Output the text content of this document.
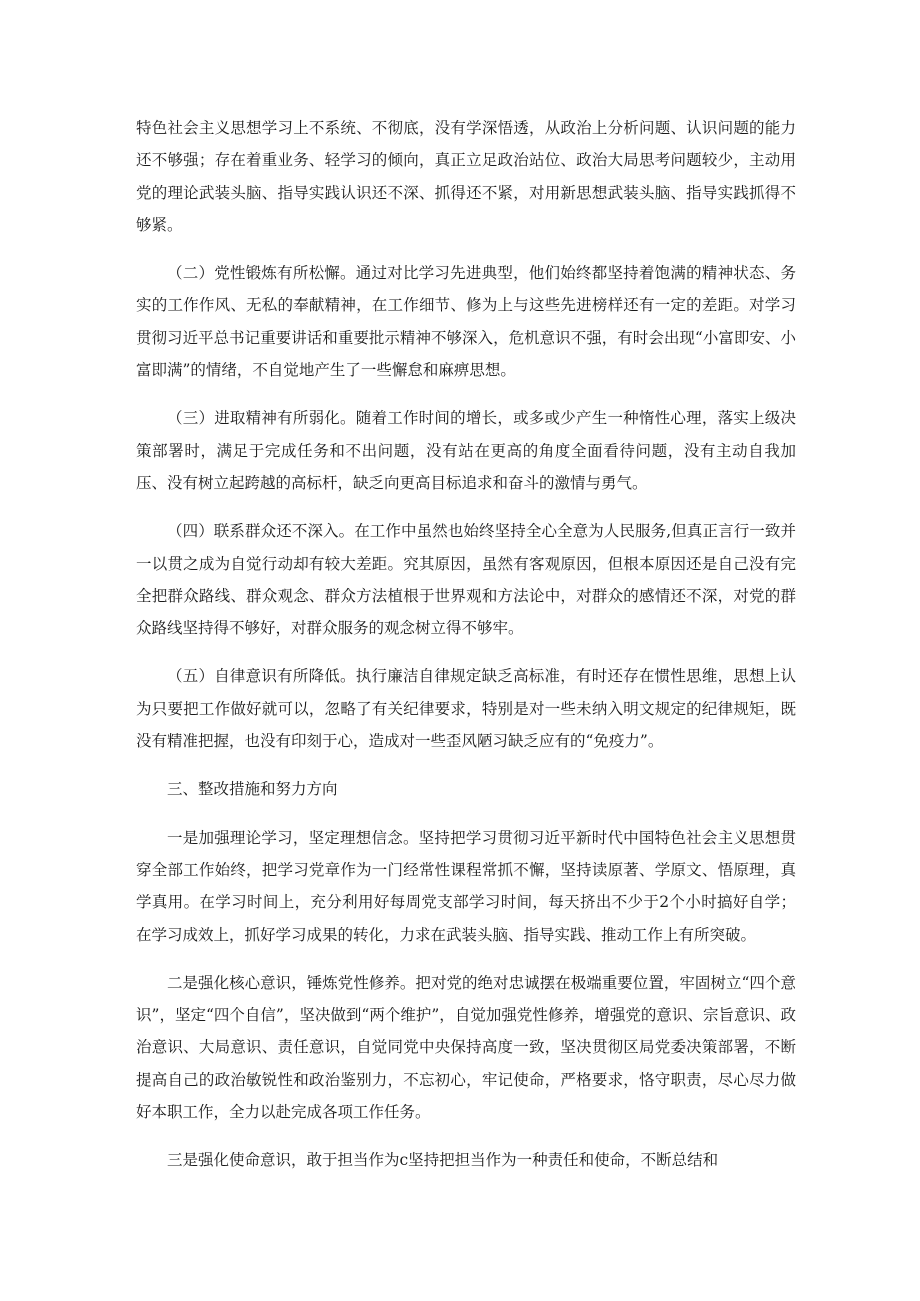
特色社会主义思想学习上不系统、不彻底，没有学深悟透，从政治上分析问题、认识问题的能力还不够强；存在着重业务、轻学习的倾向，真正立足政治站位、政治大局思考问题较少，主动用党的理论武装头脑、指导实践认识还不深、抓得还不紧，对用新思想武装头脑、指导实践抓得不够紧。

（二）党性锻炼有所松懈。通过对比学习先进典型，他们始终都坚持着饱满的精神状态、务实的工作作风、无私的奉献精神，在工作细节、修为上与这些先进榜样还有一定的差距。对学习贯彻习近平总书记重要讲话和重要批示精神不够深入，危机意识不强，有时会出现“小富即安、小富即满”的情绪，不自觉地产生了一些懈怠和麻痹思想。

（三）进取精神有所弱化。随着工作时间的增长，或多或少产生一种惰性心理，落实上级决策部署时，满足于完成任务和不出问题，没有站在更高的角度全面看待问题，没有主动自我加压、没有树立起跨越的高标杆，缺乏向更高目标追求和奋斗的激情与勇气。

（四）联系群众还不深入。在工作中虽然也始终坚持全心全意为人民服务,但真正言行一致并一以贯之成为自觉行动却有较大差距。究其原因，虽然有客观原因，但根本原因还是自己没有完全把群众路线、群众观念、群众方法植根于世界观和方法论中，对群众的感情还不深，对党的群众路线坚持得不够好，对群众服务的观念树立得不够牢。

（五）自律意识有所降低。执行廉洁自律规定缺乏高标准，有时还存在惯性思维，思想上认为只要把工作做好就可以，忽略了有关纪律要求，特别是对一些未纳入明文规定的纪律规矩，既没有精准把握，也没有印刻于心，造成对一些歪风陋习缺乏应有的“免疫力”。

三、整改措施和努力方向

一是加强理论学习，坚定理想信念。坚持把学习贯彻习近平新时代中国特色社会主义思想贯穿全部工作始终，把学习党章作为一门经常性课程常抓不懈，坚持读原著、学原文、悟原理，真学真用。在学习时间上，充分利用好每周党支部学习时间，每天挤出不少于2个小时搞好自学；在学习成效上，抓好学习成果的转化，力求在武装头脑、指导实践、推动工作上有所突破。

二是强化核心意识，锤炼党性修养。把对党的绝对忠诚摆在极端重要位置，牢固树立“四个意识”，坚定“四个自信”，坚决做到“两个维护”，自觉加强党性修养，增强党的意识、宗旨意识、政治意识、大局意识、责任意识，自觉同党中央保持高度一致，坚决贯彻区局党委决策部署，不断提高自己的政治敏锐性和政治鉴别力，不忘初心，牢记使命，严格要求，恪守职责，尽心尽力做好本职工作，全力以赴完成各项工作任务。

三是强化使命意识，敢于担当作为c坚持把担当作为一种责任和使命，不断总结和
